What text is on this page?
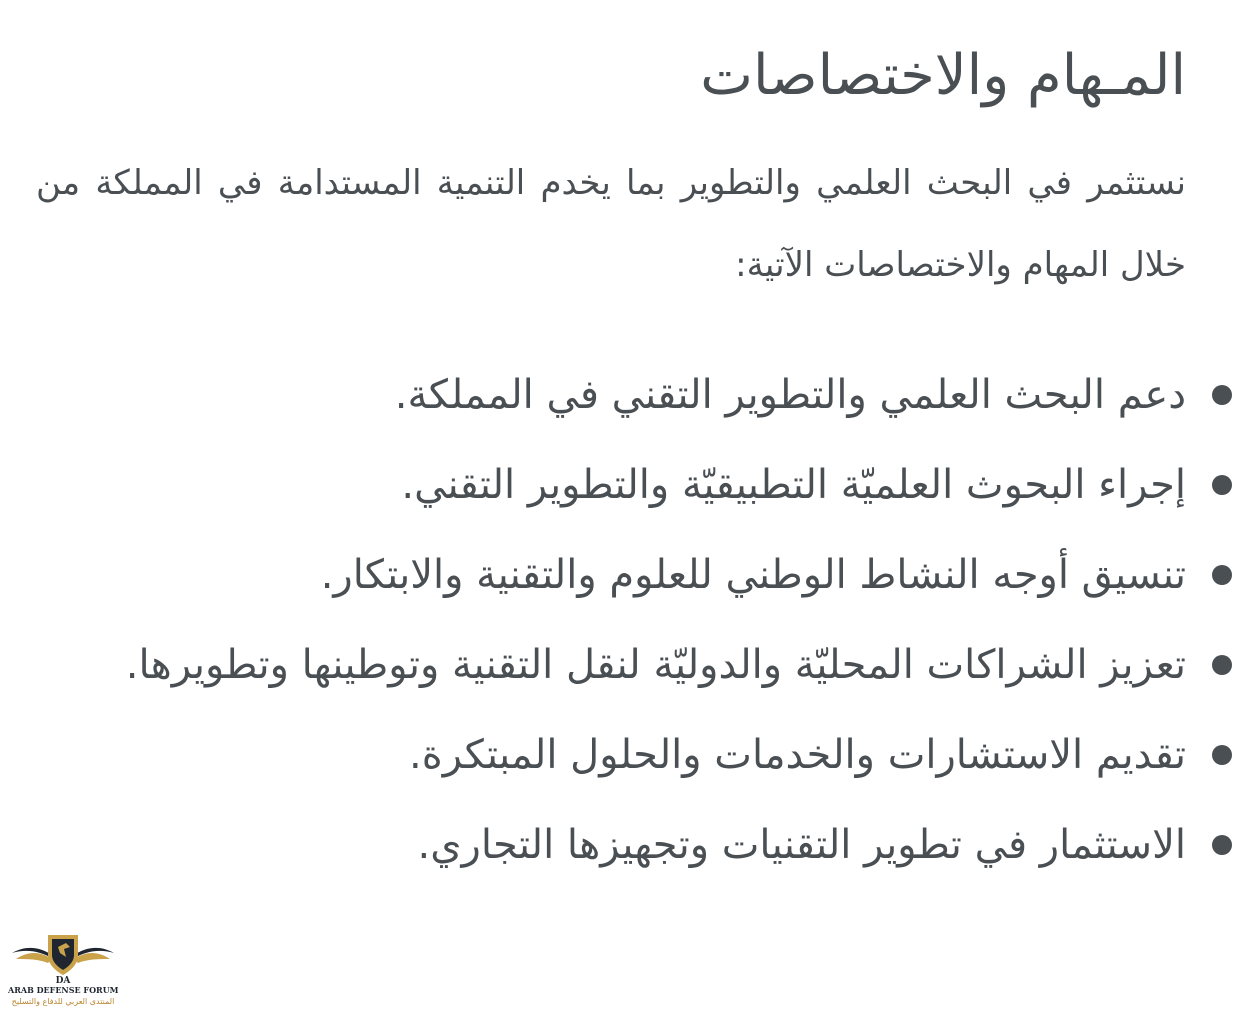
المـهام والاختصاصات

نستثمر في البحث العلمي والتطوير بما يخدم التنمية المستدامة في المملكة من خلال المهام والاختصاصات الآتية:

دعم البحث العلمي والتطوير التقني في المملكة.
إجراء البحوث العلميّة التطبيقيّة والتطوير التقني.
تنسيق أوجه النشاط الوطني للعلوم والتقنية والابتكار.
تعزيز الشراكات المحليّة والدوليّة لنقل التقنية وتوطينها وتطويرها.
تقديم الاستشارات والخدمات والحلول المبتكرة.
الاستثمار في تطوير التقنيات وتجهيزها التجاري.
DA
ARAB DEFENSE FORUM
المنتدى العربي للدفاع والتسليح
